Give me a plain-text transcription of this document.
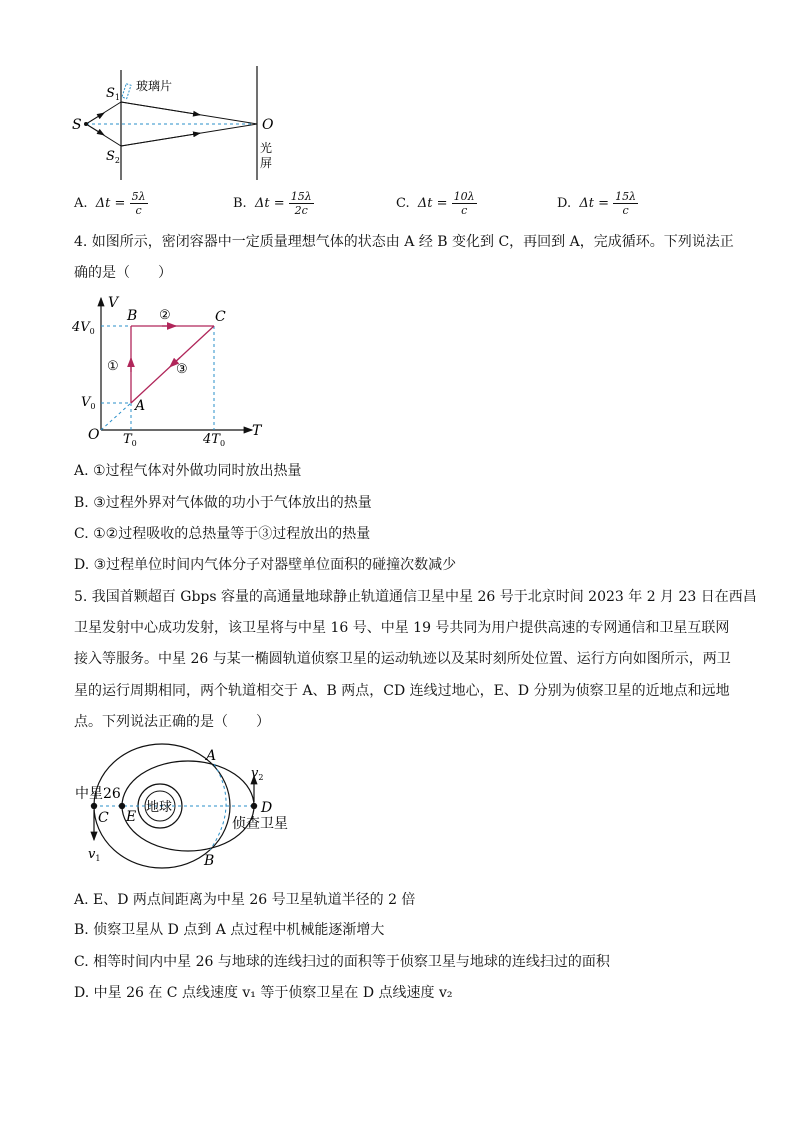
S
$S_1$
$S_2$
玻璃片
O
光
屏
A. $\Delta t = \frac{5\lambda}{c}$	B. $\Delta t = \frac{15\lambda}{2c}$	C. $\Delta t = \frac{10\lambda}{c}$	D. $\Delta t = \frac{15\lambda}{c}$
4. 如图所示，密闭容器中一定质量理想气体的状态由 A 经 B 变化到 C，再回到 A，完成循环。下列说法正
确的是（　　）
V
T
O
A
B	C
$4V_0$
$V_0$
$T_0$	$4T_0$
①
②
③
A. ①过程气体对外做功同时放出热量
B. ③过程外界对气体做的功小于气体放出的热量
C. ①②过程吸收的总热量等于③过程放出的热量
D. ③过程单位时间内气体分子对器壁单位面积的碰撞次数减少
5. 我国首颗超百 Gbps 容量的高通量地球静止轨道通信卫星中星 26 号于北京时间 2023 年 2 月 23 日在西昌
卫星发射中心成功发射，该卫星将与中星 16 号、中星 19 号共同为用户提供高速的专网通信和卫星互联网
接入等服务。中星 26 与某一椭圆轨道侦察卫星的运动轨迹以及某时刻所处位置、运行方向如图所示，两卫
星的运行周期相同，两个轨道相交于 A、B 两点，CD 连线过地心，E、D 分别为侦察卫星的近地点和远地
点。下列说法正确的是（　　）
中星26
地球
侦查卫星
A
B
C
D
E
$v_1$
$v_2$
A. E、D 两点间距离为中星 26 号卫星轨道半径的 2 倍
B. 侦察卫星从 D 点到 A 点过程中机械能逐渐增大
C. 相等时间内中星 26 与地球的连线扫过的面积等于侦察卫星与地球的连线扫过的面积
D. 中星 26 在 C 点线速度 v₁ 等于侦察卫星在 D 点线速度 v₂
